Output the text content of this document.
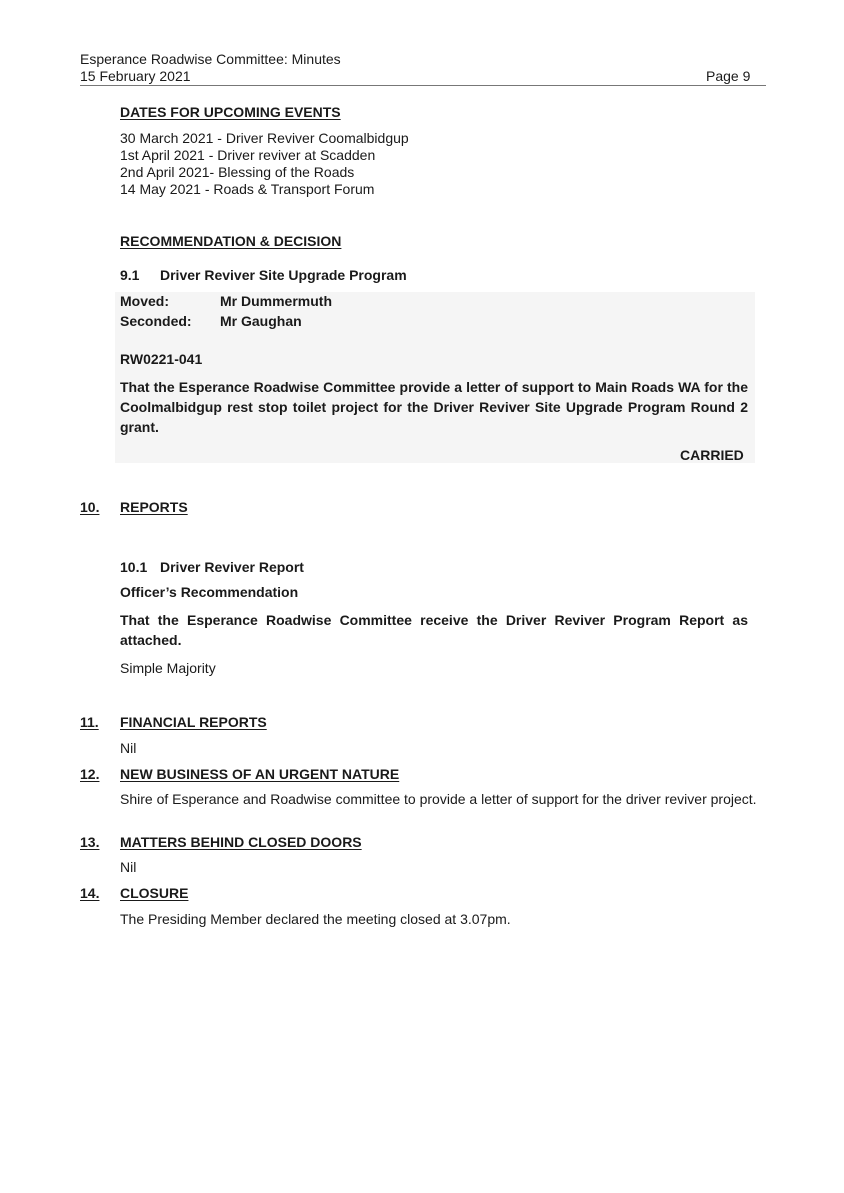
Esperance Roadwise Committee: Minutes
15 February 2021	Page 9
DATES FOR UPCOMING EVENTS
30 March 2021 - Driver Reviver Coomalbidgup
1st April 2021 - Driver reviver at Scadden
2nd April 2021- Blessing of the Roads
14 May 2021 - Roads & Transport Forum
RECOMMENDATION & DECISION
9.1 Driver Reviver Site Upgrade Program
Moved:	Mr Dummermuth
Seconded: Mr Gaughan
RW0221-041
That the Esperance Roadwise Committee provide a letter of support to Main Roads WA for the Coolmalbidgup rest stop toilet project for the Driver Reviver Site Upgrade Program Round 2 grant.
CARRIED
10. REPORTS
10.1 Driver Reviver Report
Officer’s Recommendation
That the Esperance Roadwise Committee receive the Driver Reviver Program Report as attached.
Simple Majority
11. FINANCIAL REPORTS
Nil
12. NEW BUSINESS OF AN URGENT NATURE
Shire of Esperance and Roadwise committee to provide a letter of support for the driver reviver project.
13. MATTERS BEHIND CLOSED DOORS
Nil
14. CLOSURE
The Presiding Member declared the meeting closed at 3.07pm.
